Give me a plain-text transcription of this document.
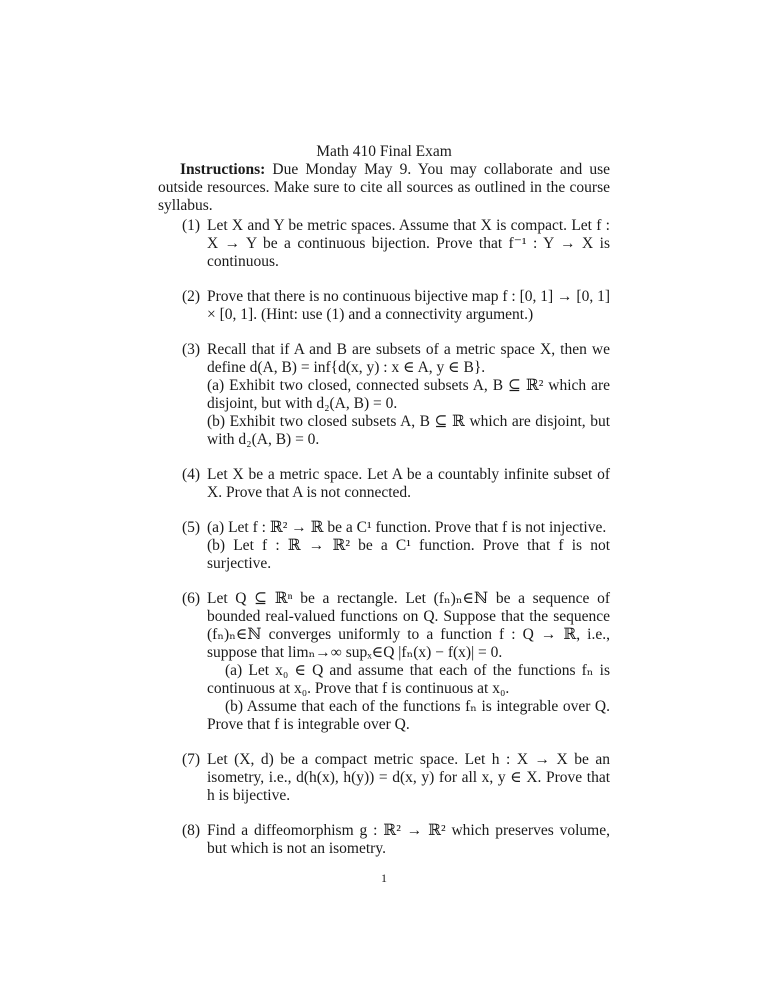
Math 410 Final Exam
Instructions: Due Monday May 9. You may collaborate and use outside resources. Make sure to cite all sources as outlined in the course syllabus.
(1) Let X and Y be metric spaces. Assume that X is compact. Let f : X → Y be a continuous bijection. Prove that f⁻¹ : Y → X is continuous.

(2) Prove that there is no continuous bijective map f : [0, 1] → [0, 1] × [0, 1]. (Hint: use (1) and a connectivity argument.)

(3) Recall that if A and B are subsets of a metric space X, then we define d(A, B) = inf{d(x, y) : x ∈ A, y ∈ B}.

(a) Exhibit two closed, connected subsets A, B ⊆ ℝ² which are disjoint, but with d₂(A, B) = 0.

(b) Exhibit two closed subsets A, B ⊆ ℝ which are disjoint, but with d₂(A, B) = 0.

(4) Let X be a metric space. Let A be a countably infinite subset of X. Prove that A is not connected.

(5) (a) Let f : ℝ² → ℝ be a C¹ function. Prove that f is not injective.

(b) Let f : ℝ → ℝ² be a C¹ function. Prove that f is not surjective.

(6) Let Q ⊆ ℝⁿ be a rectangle. Let (fₙ)ₙ∈ℕ be a sequence of bounded real-valued functions on Q. Suppose that the sequence (fₙ)ₙ∈ℕ converges uniformly to a function f : Q → ℝ, i.e., suppose that limₙ→∞ supₓ∈Q |fₙ(x) − f(x)| = 0.

(a) Let x₀ ∈ Q and assume that each of the functions fₙ is continuous at x₀. Prove that f is continuous at x₀.

(b) Assume that each of the functions fₙ is integrable over Q. Prove that f is integrable over Q.

(7) Let (X, d) be a compact metric space. Let h : X → X be an isometry, i.e., d(h(x), h(y)) = d(x, y) for all x, y ∈ X. Prove that h is bijective.

(8) Find a diffeomorphism g : ℝ² → ℝ² which preserves volume, but which is not an isometry.

1
